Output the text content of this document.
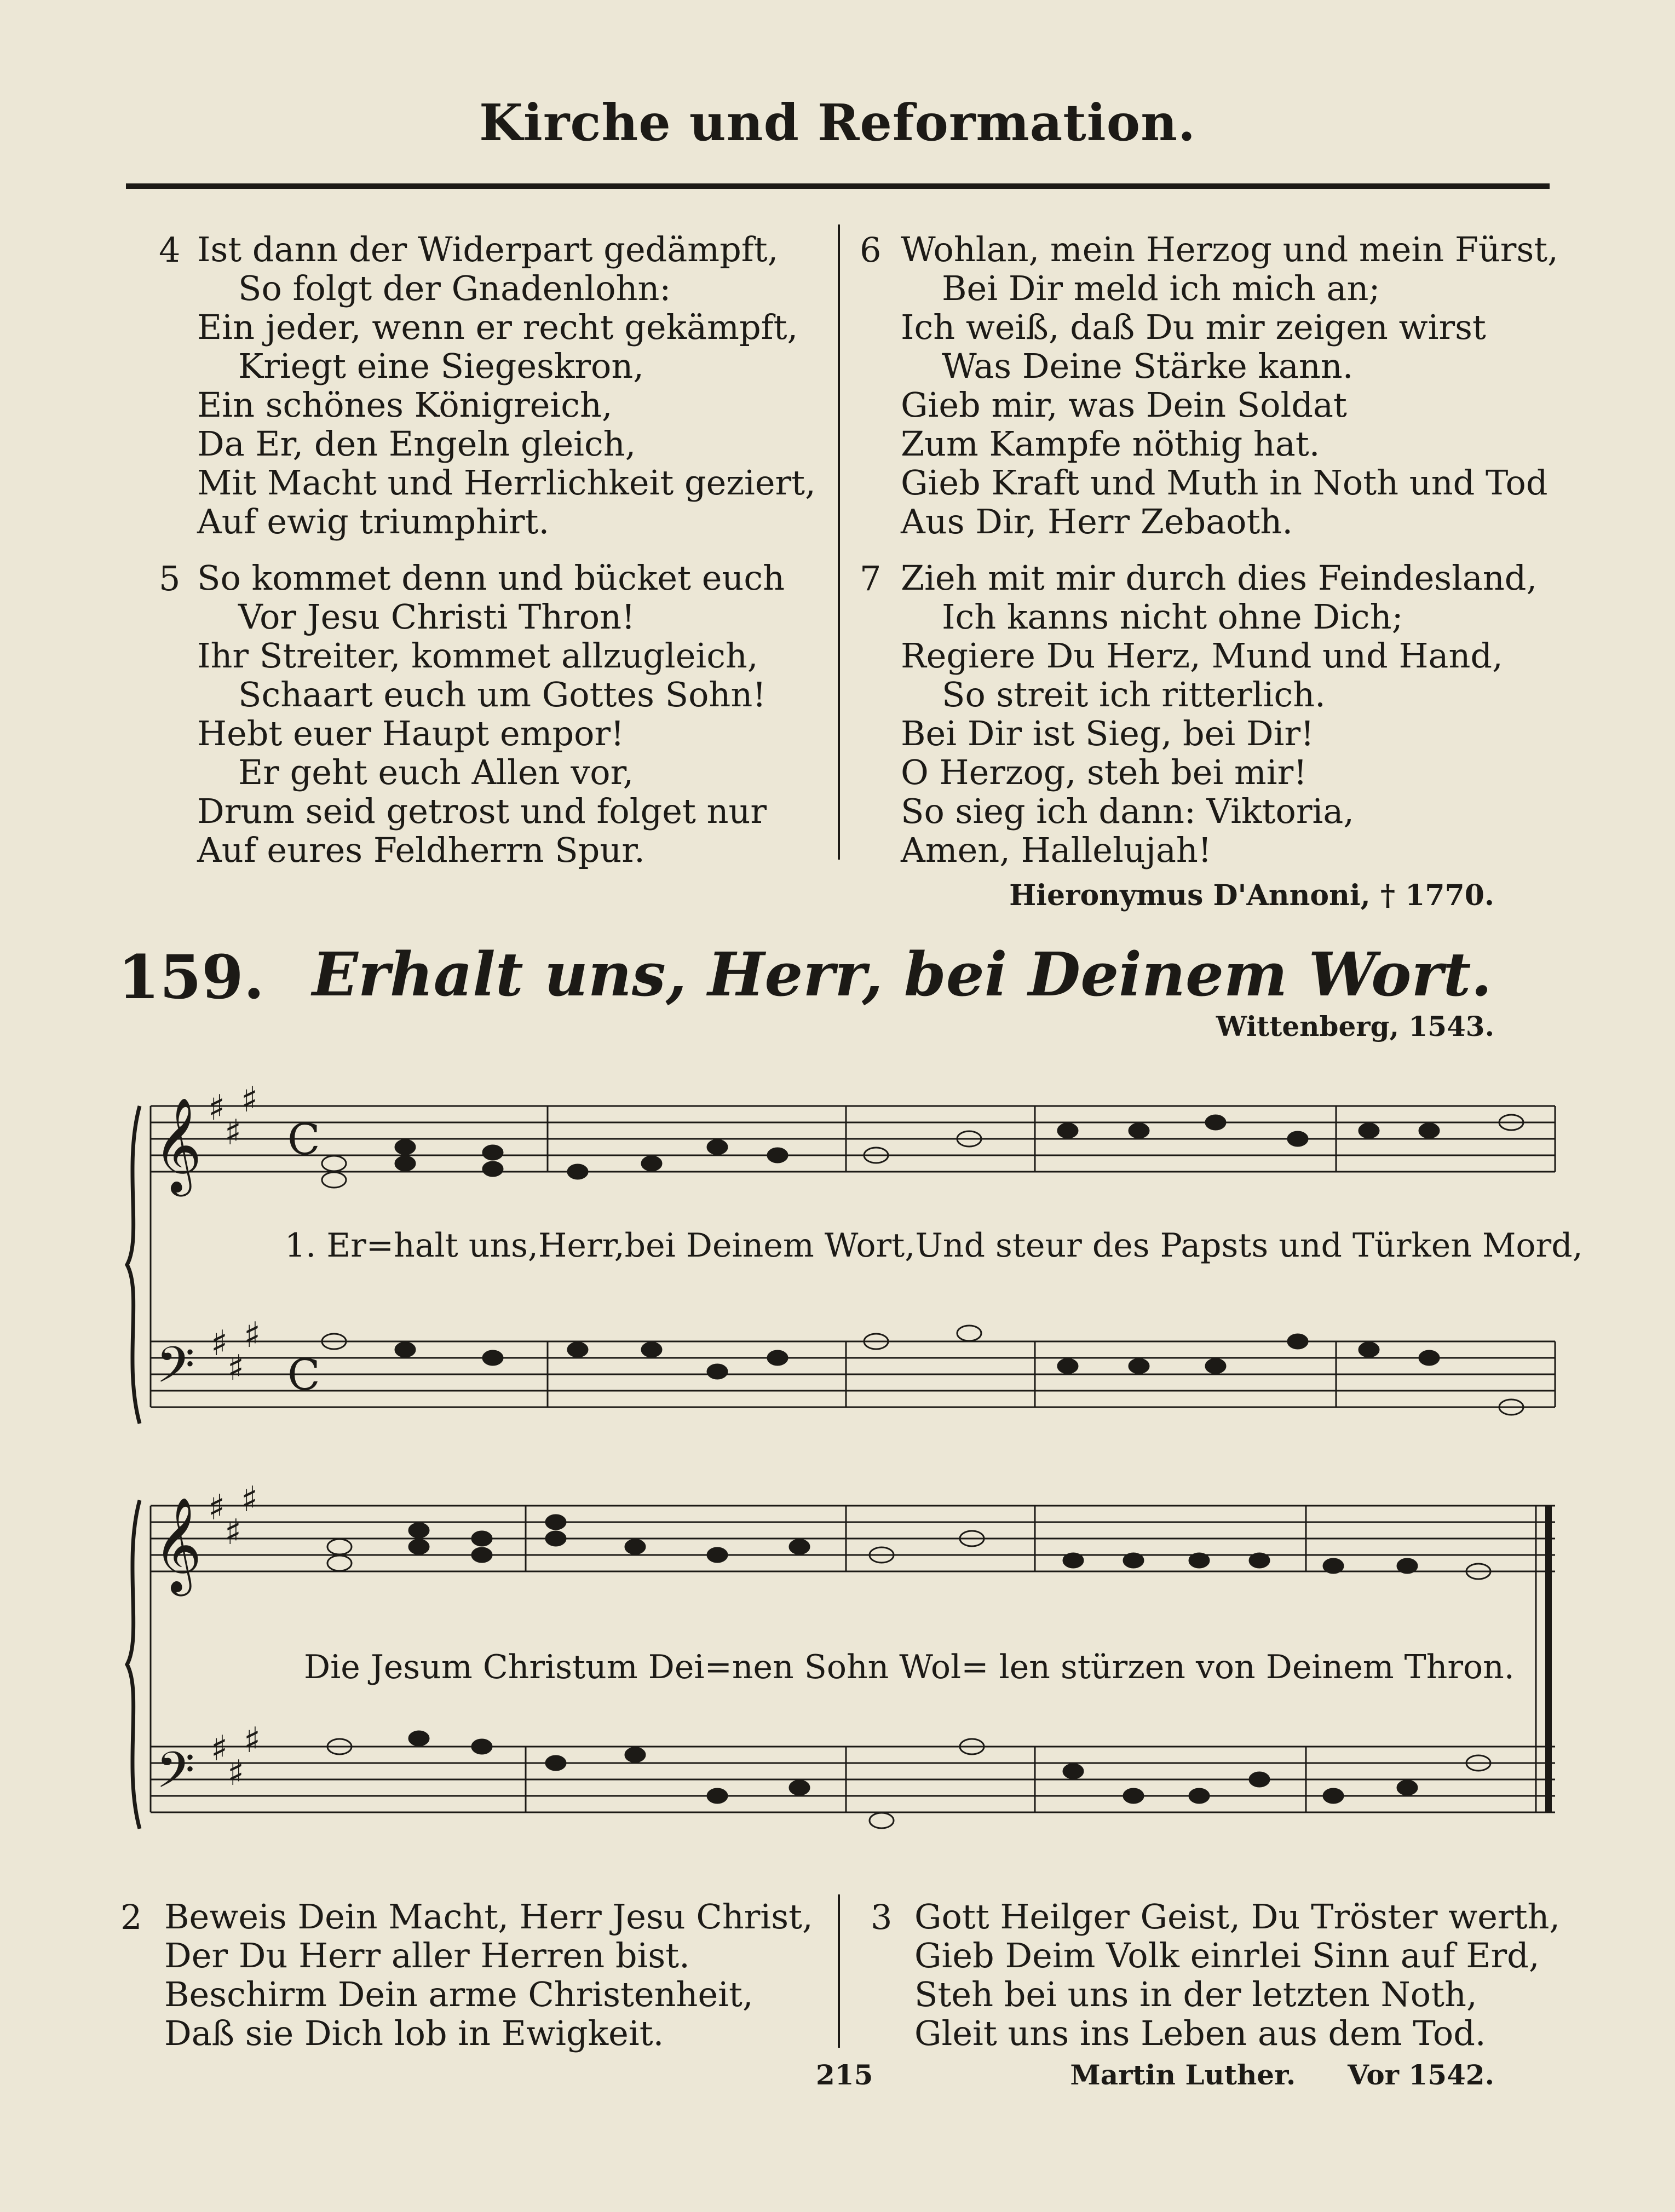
Kirche und Reformation.
4 Ist dann der Widerpart gedämpft,
So folgt der Gnadenlohn:
Ein jeder, wenn er recht gekämpft,
Kriegt eine Siegeskron,
Ein schönes Königreich,
Da Er, den Engeln gleich,
Mit Macht und Herrlichkeit geziert,
Auf ewig triumphirt.
5 So kommet denn und bücket euch
Vor Jesu Christi Thron!
Ihr Streiter, kommet allzugleich,
Schaart euch um Gottes Sohn!
Hebt euer Haupt empor!
Er geht euch Allen vor,
Drum seid getrost und folget nur
Auf eures Feldherrn Spur.
6 Wohlan, mein Herzog und mein Fürst,
Bei Dir meld ich mich an;
Ich weiß, daß Du mir zeigen wirst
Was Deine Stärke kann.
Gieb mir, was Dein Soldat
Zum Kampfe nöthig hat.
Gieb Kraft und Muth in Noth und Tod
Aus Dir, Herr Zebaoth.
7 Zieh mit mir durch dies Feindesland,
Ich kanns nicht ohne Dich;
Regiere Du Herz, Mund und Hand,
So streit ich ritterlich.
Bei Dir ist Sieg, bei Dir!
O Herzog, steh bei mir!
So sieg ich dann: Viktoria,
Amen, Hallelujah!
Hieronymus D'Annoni, † 1770.
159. Erhalt uns, Herr, bei Deinem Wort.
Wittenberg, 1543.
𝄞
𝄢
♯
♯
♯
♯
♯
♯
C
C
1. Er=halt uns,Herr,bei Deinem Wort,Und steur des Papsts und Türken Mord,
𝄞
𝄢
♯
♯
♯
♯
♯
♯
Die Jesum Christum Dei=nen Sohn Wol= len stürzen von Deinem Thron.
2 Beweis Dein Macht, Herr Jesu Christ,
Der Du Herr aller Herren bist.
Beschirm Dein arme Christenheit,
Daß sie Dich lob in Ewigkeit.
3 Gott Heilger Geist, Du Tröster werth,
Gieb Deim Volk einrlei Sinn auf Erd,
Steh bei uns in der letzten Noth,
Gleit uns ins Leben aus dem Tod.
215	Martin Luther. Vor 1542.
